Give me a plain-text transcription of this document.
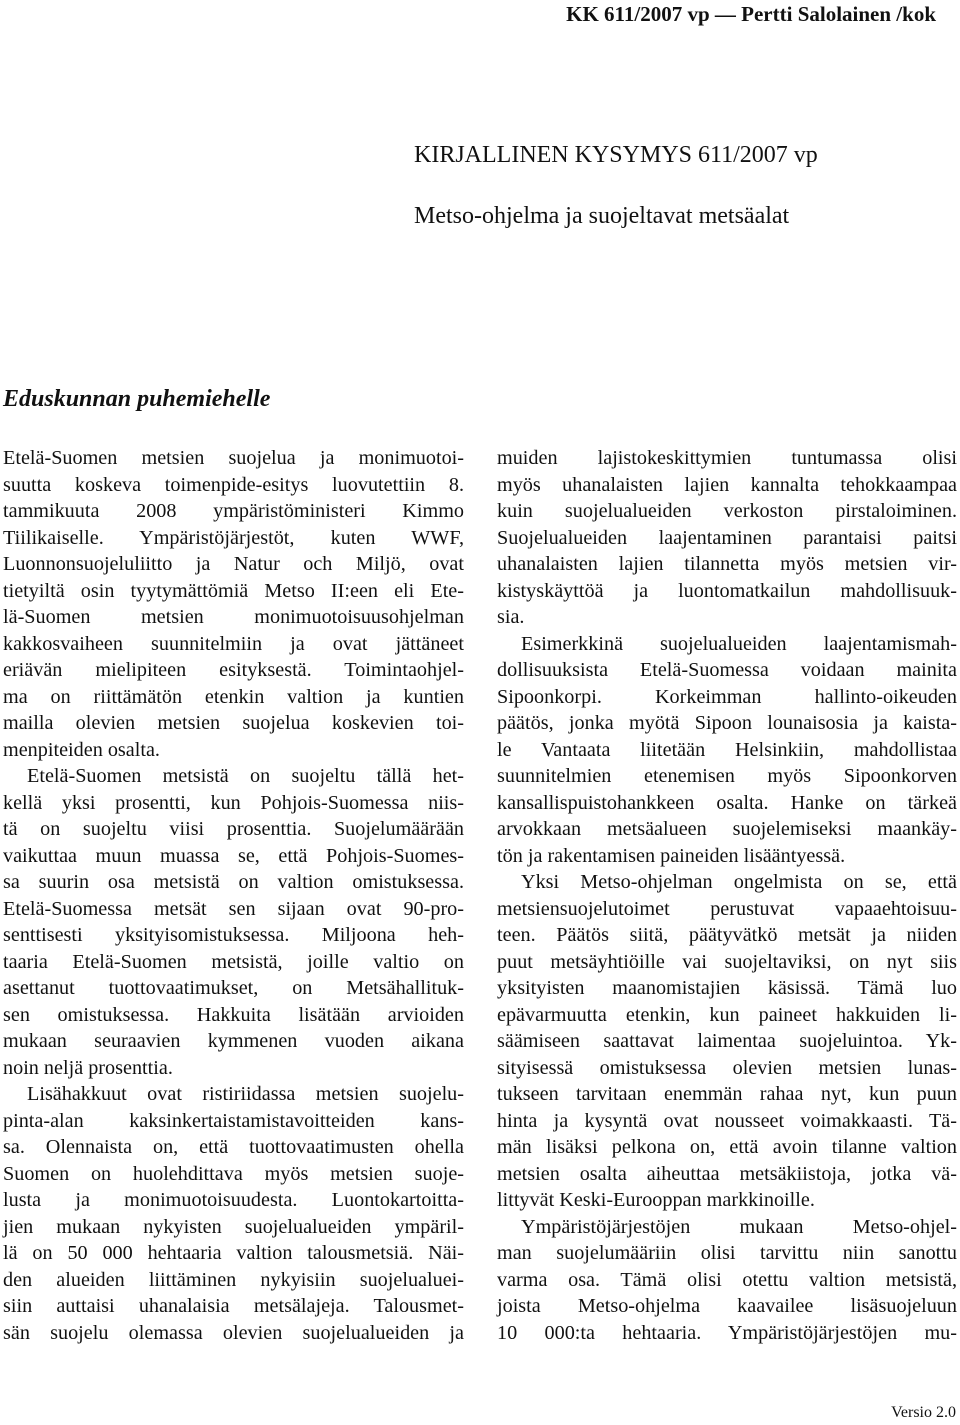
KK 611/2007 vp — Pertti Salolainen /kok
KIRJALLINEN KYSYMYS 611/2007 vp
Metso-ohjelma ja suojeltavat metsäalat
Eduskunnan puhemiehelle
Etelä-Suomen metsien suojelua ja monimuotoi-
suutta koskeva toimenpide-esitys luovutettiin 8.
tammikuuta 2008 ympäristöministeri Kimmo
Tiilikaiselle. Ympäristöjärjestöt, kuten WWF,
Luonnonsuojeluliitto ja Natur och Miljö, ovat
tietyiltä osin tyytymättömiä Metso II:een eli Ete-
lä-Suomen metsien monimuotoisuusohjelman
kakkosvaiheen suunnitelmiin ja ovat jättäneet
eriävän mielipiteen esityksestä. Toimintaohjel-
ma on riittämätön etenkin valtion ja kuntien
mailla olevien metsien suojelua koskevien toi-
menpiteiden osalta.
Etelä-Suomen metsistä on suojeltu tällä het-
kellä yksi prosentti, kun Pohjois-Suomessa niis-
tä on suojeltu viisi prosenttia. Suojelumäärään
vaikuttaa muun muassa se, että Pohjois-Suomes-
sa suurin osa metsistä on valtion omistuksessa.
Etelä-Suomessa metsät sen sijaan ovat 90-pro-
senttisesti yksityisomistuksessa. Miljoona heh-
taaria Etelä-Suomen metsistä, joille valtio on
asettanut tuottovaatimukset, on Metsähallituk-
sen omistuksessa. Hakkuita lisätään arvioiden
mukaan seuraavien kymmenen vuoden aikana
noin neljä prosenttia.
Lisähakkuut ovat ristiriidassa metsien suojelu-
pinta-alan kaksinkertaistamistavoitteiden kans-
sa. Olennaista on, että tuottovaatimusten ohella
Suomen on huolehdittava myös metsien suoje-
lusta ja monimuotoisuudesta. Luontokartoitta-
jien mukaan nykyisten suojelualueiden ympäril-
lä on 50 000 hehtaaria valtion talousmetsiä. Näi-
den alueiden liittäminen nykyisiin suojelualuei-
siin auttaisi uhanalaisia metsälajeja. Talousmet-
sän suojelu olemassa olevien suojelualueiden ja
muiden lajistokeskittymien tuntumassa olisi
myös uhanalaisten lajien kannalta tehokkaampaa
kuin suojelualueiden verkoston pirstaloiminen.
Suojelualueiden laajentaminen parantaisi paitsi
uhanalaisten lajien tilannetta myös metsien vir-
kistyskäyttöä ja luontomatkailun mahdollisuuk-
sia.
Esimerkkinä suojelualueiden laajentamismah-
dollisuuksista Etelä-Suomessa voidaan mainita
Sipoonkorpi. Korkeimman hallinto-oikeuden
päätös, jonka myötä Sipoon lounaisosia ja kaista-
le Vantaata liitetään Helsinkiin, mahdollistaa
suunnitelmien etenemisen myös Sipoonkorven
kansallispuistohankkeen osalta. Hanke on tärkeä
arvokkaan metsäalueen suojelemiseksi maankäy-
tön ja rakentamisen paineiden lisääntyessä.
Yksi Metso-ohjelman ongelmista on se, että
metsiensuojelutoimet perustuvat vapaaehtoisuu-
teen. Päätös siitä, päätyvätkö metsät ja niiden
puut metsäyhtiöille vai suojeltaviksi, on nyt siis
yksityisten maanomistajien käsissä. Tämä luo
epävarmuutta etenkin, kun paineet hakkuiden li-
säämiseen saattavat laimentaa suojeluintoa. Yk-
sityisessä omistuksessa olevien metsien lunas-
tukseen tarvitaan enemmän rahaa nyt, kun puun
hinta ja kysyntä ovat nousseet voimakkaasti. Tä-
män lisäksi pelkona on, että avoin tilanne valtion
metsien osalta aiheuttaa metsäkiistoja, jotka vä-
littyvät Keski-Eurooppan markkinoille.
Ympäristöjärjestöjen mukaan Metso-ohjel-
man suojelumääriin olisi tarvittu niin sanottu
varma osa. Tämä olisi otettu valtion metsistä,
joista Metso-ohjelma kaavailee lisäsuojeluun
10 000:ta hehtaaria. Ympäristöjärjestöjen mu-
Versio 2.0
